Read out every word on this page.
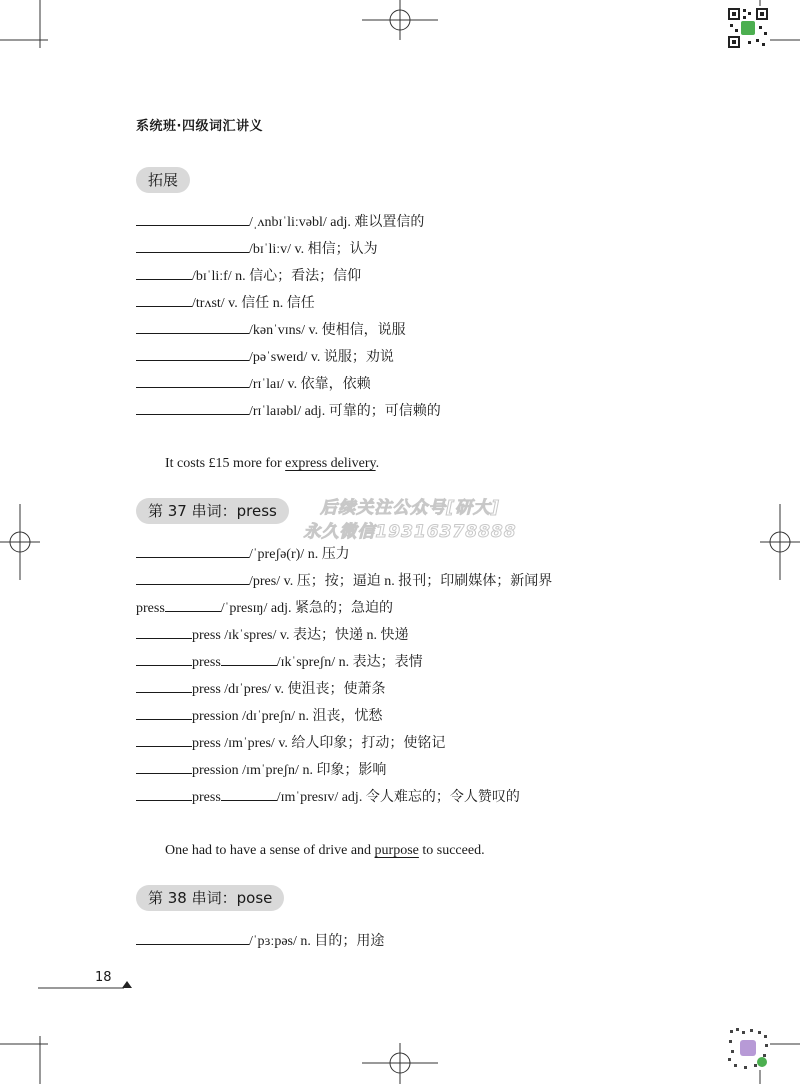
系统班·四级词汇讲义
拓展
/ˌʌnbɪˈliːvəbl/ adj. 难以置信的
/bɪˈliːv/ v. 相信；认为
/bɪˈliːf/ n. 信心；看法；信仰
/trʌst/ v. 信任 n. 信任
/kənˈvɪns/ v. 使相信，说服
/pəˈsweɪd/ v. 说服；劝说
/rɪˈlaɪ/ v. 依靠，依赖
/rɪˈlaɪəbl/ adj. 可靠的；可信赖的
It costs £15 more for express delivery.
第 37 串词：press	后续关注公众号[研大]
永久微信19316378888
/ˈpreʃə(r)/ n. 压力
/pres/ v. 压；按；逼迫 n. 报刊；印刷媒体；新闻界
press	/ˈpresɪŋ/ adj. 紧急的；急迫的
press /ɪkˈspres/ v. 表达；快递 n. 快递
press	/ɪkˈspreʃn/ n. 表达；表情
press /dɪˈpres/ v. 使沮丧；使萧条
pression /dɪˈpreʃn/ n. 沮丧，忧愁
press /ɪmˈpres/ v. 给人印象；打动；使铭记
pression /ɪmˈpreʃn/ n. 印象；影响
press	/ɪmˈpresɪv/ adj. 令人难忘的；令人赞叹的
One had to have a sense of drive and purpose to succeed.
第 38 串词：pose
/ˈpɜːpəs/ n. 目的；用途
18
